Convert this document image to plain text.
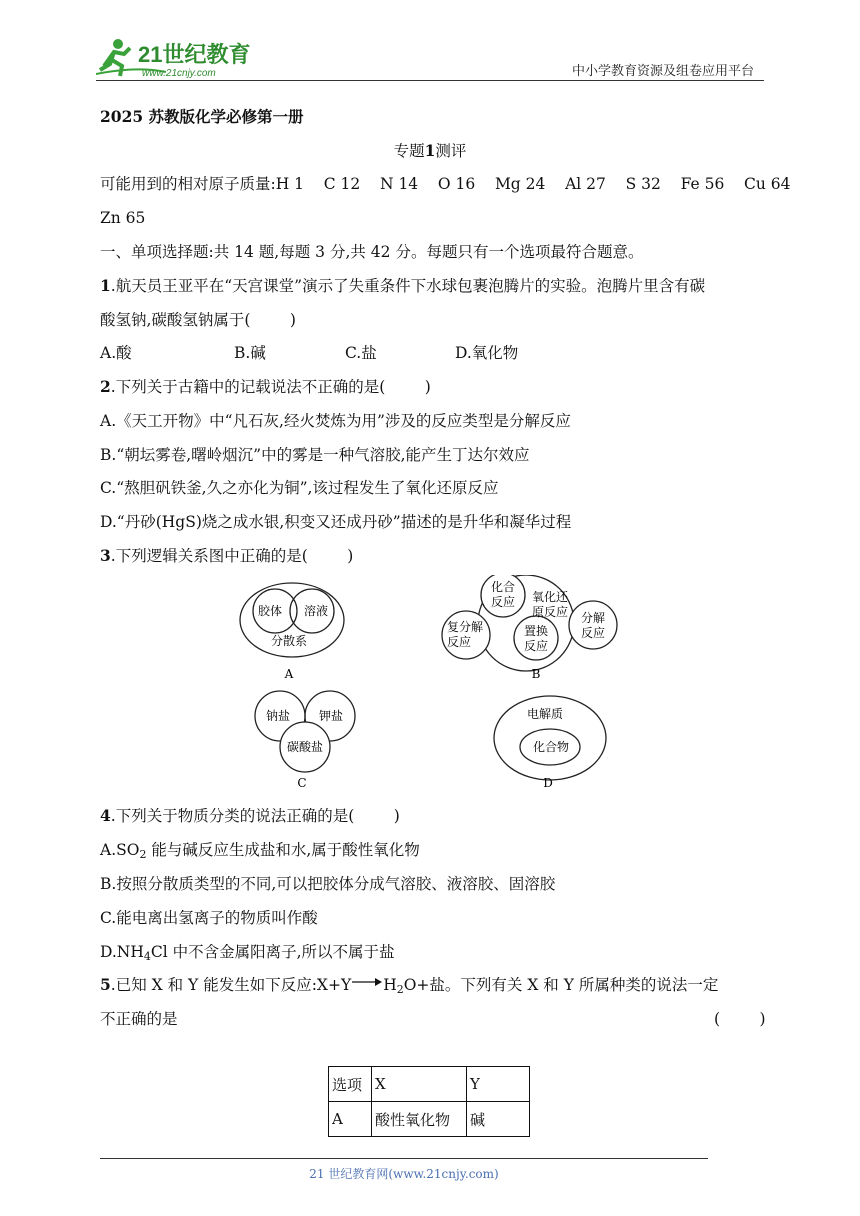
21世纪教育
www.21cnjy.com	中小学教育资源及组卷应用平台
2025 苏教版化学必修第一册
专题1测评
可能用到的相对原子质量:H 1    C 12    N 14    O 16    Mg 24    Al 27    S 32    Fe 56    Cu 64
Zn 65
一、单项选择题:共 14 题,每题 3 分,共 42 分。每题只有一个选项最符合题意。
1.航天员王亚平在“天宫课堂”演示了失重条件下水球包裹泡腾片的实验。泡腾片里含有碳
酸氢钠,碳酸氢钠属于(        )
A.酸	B.碱	C.盐	D.氧化物
2.下列关于古籍中的记载说法不正确的是(        )
A.《天工开物》中“凡石灰,经火焚炼为用”涉及的反应类型是分解反应
B.“朝坛雾卷,曙岭烟沉”中的雾是一种气溶胶,能产生丁达尔效应
C.“熬胆矾铁釜,久之亦化为铜”,该过程发生了氧化还原反应
D.“丹砂(HgS)烧之成水银,积变又还成丹砂”描述的是升华和凝华过程
3.下列逻辑关系图中正确的是(        )
胶体 溶液
分散系
A
化合
反应 氧化还
原反应 分解
反应
复分解
反应
置换
反应
B
钠盐 钾盐
碳酸盐
C
电解质
化合物
D
4.下列关于物质分类的说法正确的是(        )
A.SO2 能与碱反应生成盐和水,属于酸性氧化物
B.按照分散质类型的不同,可以把胶体分成气溶胶、液溶胶、固溶胶
C.能电离出氢离子的物质叫作酸
D.NH4Cl 中不含金属阳离子,所以不属于盐
5.已知 X 和 Y 能发生如下反应:X+Y→H2O+盐。下列有关 X 和 Y 所属种类的说法一定
不正确的是	(        )
选项	X	Y
A	酸性氧化物	碱
21 世纪教育网(www.21cnjy.com)
